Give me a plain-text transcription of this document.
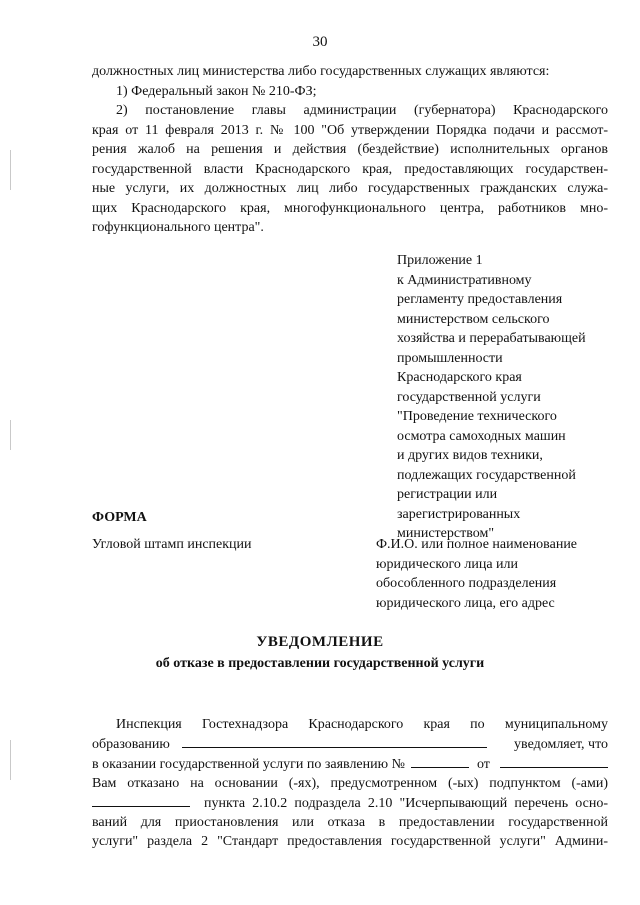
30
должностных лиц министерства либо государственных служащих являются:
1) Федеральный закон № 210-ФЗ;
2) постановление главы администрации (губернатора) Краснодарского
края от 11 февраля 2013 г. № 100 "Об утверждении Порядка подачи и рассмот-
рения жалоб на решения и действия (бездействие) исполнительных органов
государственной власти Краснодарского края, предоставляющих государствен-
ные услуги, их должностных лиц либо государственных гражданских служа-
щих Краснодарского края, многофункционального центра, работников мно-
гофункционального центра".
Приложение 1
к Административному
регламенту предоставления
министерством сельского
хозяйства и перерабатывающей
промышленности
Краснодарского края
государственной услуги
"Проведение технического
осмотра самоходных машин
и других видов техники,
подлежащих государственной
регистрации или
зарегистрированных
министерством"
ФОРМА
Угловой штамп инспекции	Ф.И.О. или полное наименование
юридического лица или
обособленного подразделения
юридического лица, его адрес
УВЕДОМЛЕНИЕ
об отказе в предоставлении государственной услуги
Инспекция Гостехнадзора Краснодарского края по муниципальному
образованию	уведомляет, что
в оказании государственной услуги по заявлению №	от
Вам отказано на основании (-ях), предусмотренном (-ых) подпунктом (-ами)
пункта 2.10.2 подраздела 2.10 "Исчерпывающий перечень осно-
ваний для приостановления или отказа в предоставлении государственной
услуги" раздела 2 "Стандарт предоставления государственной услуги" Админи-
